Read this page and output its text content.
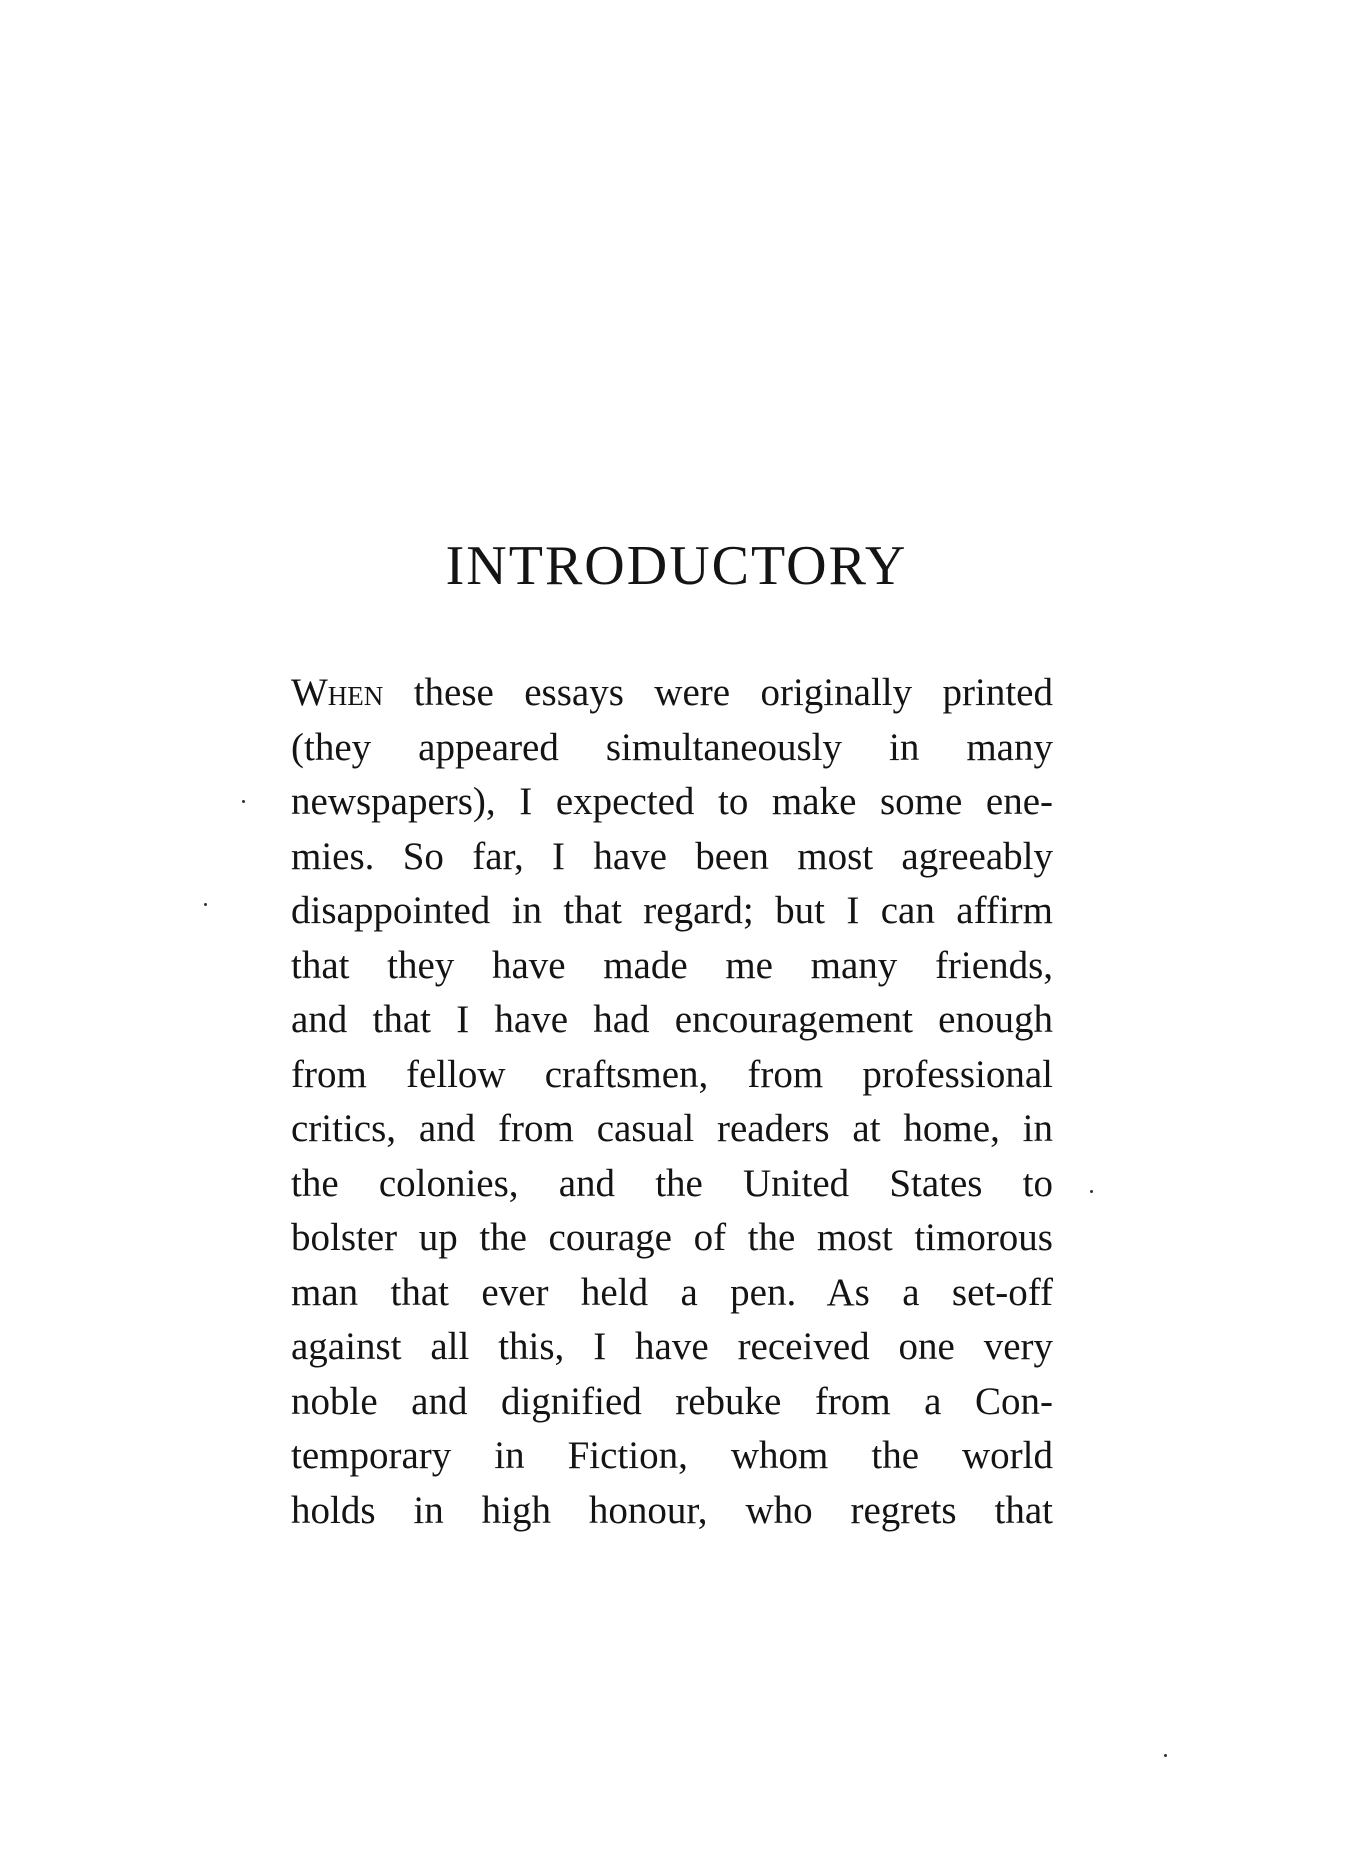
INTRODUCTORY
When these essays were originally printed
(they appeared simultaneously in many
newspapers), I expected to make some ene-
mies. So far, I have been most agreeably
disappointed in that regard; but I can affirm
that they have made me many friends,
and that I have had encouragement enough
from fellow craftsmen, from professional
critics, and from casual readers at home, in
the colonies, and the United States to
bolster up the courage of the most timorous
man that ever held a pen. As a set-off
against all this, I have received one very
noble and dignified rebuke from a Con-
temporary in Fiction, whom the world
holds in high honour, who regrets that
